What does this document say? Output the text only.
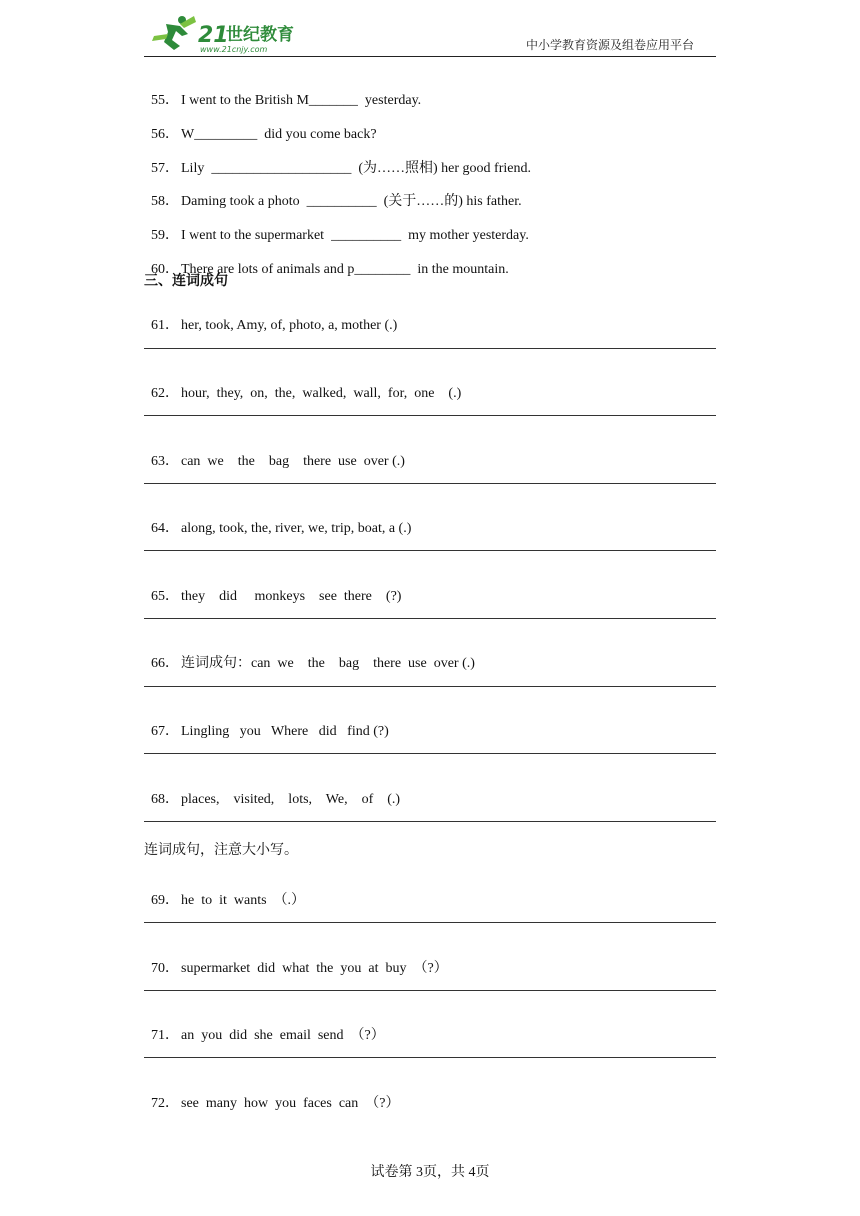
21
世纪教育
www.21cnjy.com	中小学教育资源及组卷应用平台

55． I went to the British M_______  yesterday.

56． W_________  did you come back?

57． Lily  ____________________  (为……照相) her good friend.

58． Daming took a photo  __________  (关于……的) his father.

59． I went to the supermarket  __________  my mother yesterday.

60． There are lots of animals and p________  in the mountain.

三、连词成句

61． her, took, Amy, of, photo, a, mother (.)

62． hour,  they,  on,  the,  walked,  wall,  for,  one    (.)

63． can  we    the    bag    there  use  over (.)

64． along, took, the, river, we, trip, boat, a (.)

65． they    did     monkeys    see  there    (?)

66． 连词成句：can  we    the    bag    there  use  over (.)

67． Lingling   you   Where   did   find (?)

68． places,    visited,    lots,    We,    of    (.)

连词成句，注意大小写。

69． he  to  it  wants  （.）

70． supermarket  did  what  the  you  at  buy  （?）

71． an  you  did  she  email  send  （?）

72． see  many  how  you  faces  can  （?）

试卷第 3页，共 4页
